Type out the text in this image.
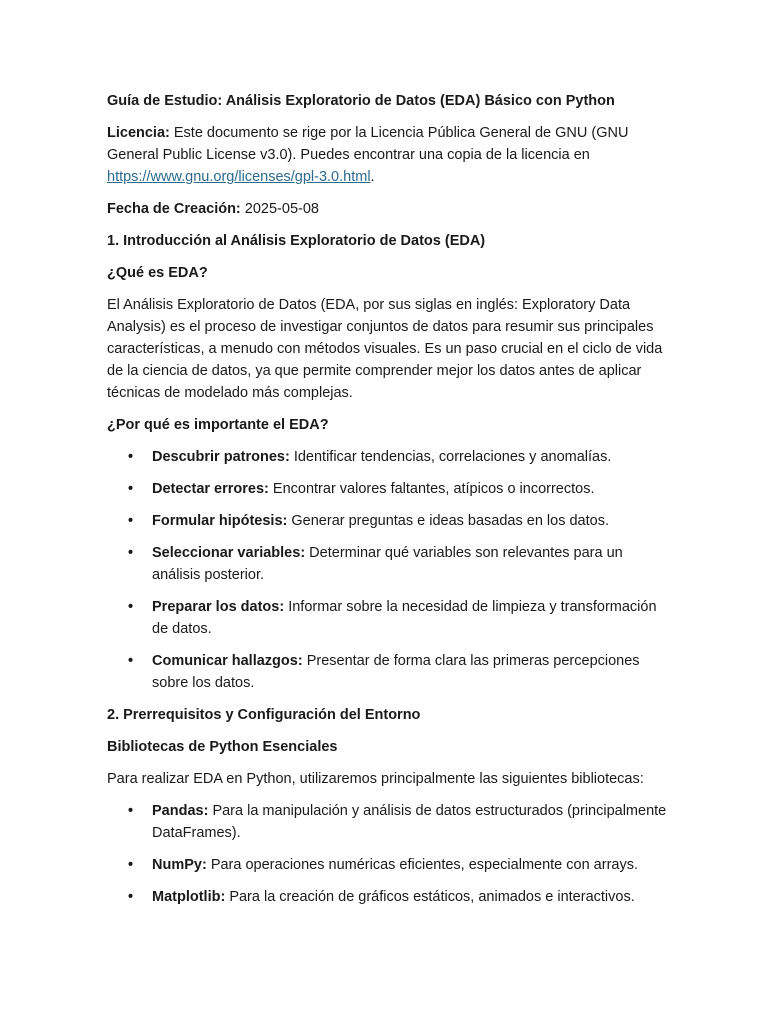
Guía de Estudio: Análisis Exploratorio de Datos (EDA) Básico con Python

Licencia: Este documento se rige por la Licencia Pública General de GNU (GNU General Public License v3.0). Puedes encontrar una copia de la licencia en https://www.gnu.org/licenses/gpl-3.0.html.

Fecha de Creación: 2025-05-08

1. Introducción al Análisis Exploratorio de Datos (EDA)

¿Qué es EDA?

El Análisis Exploratorio de Datos (EDA, por sus siglas en inglés: Exploratory Data Analysis) es el proceso de investigar conjuntos de datos para resumir sus principales características, a menudo con métodos visuales. Es un paso crucial en el ciclo de vida de la ciencia de datos, ya que permite comprender mejor los datos antes de aplicar técnicas de modelado más complejas.

¿Por qué es importante el EDA?

• Descubrir patrones: Identificar tendencias, correlaciones y anomalías.
• Detectar errores: Encontrar valores faltantes, atípicos o incorrectos.
• Formular hipótesis: Generar preguntas e ideas basadas en los datos.
• Seleccionar variables: Determinar qué variables son relevantes para un análisis posterior.
• Preparar los datos: Informar sobre la necesidad de limpieza y transformación de datos.
• Comunicar hallazgos: Presentar de forma clara las primeras percepciones sobre los datos.

2. Prerrequisitos y Configuración del Entorno

Bibliotecas de Python Esenciales

Para realizar EDA en Python, utilizaremos principalmente las siguientes bibliotecas:

• Pandas: Para la manipulación y análisis de datos estructurados (principalmente DataFrames).
• NumPy: Para operaciones numéricas eficientes, especialmente con arrays.
• Matplotlib: Para la creación de gráficos estáticos, animados e interactivos.
